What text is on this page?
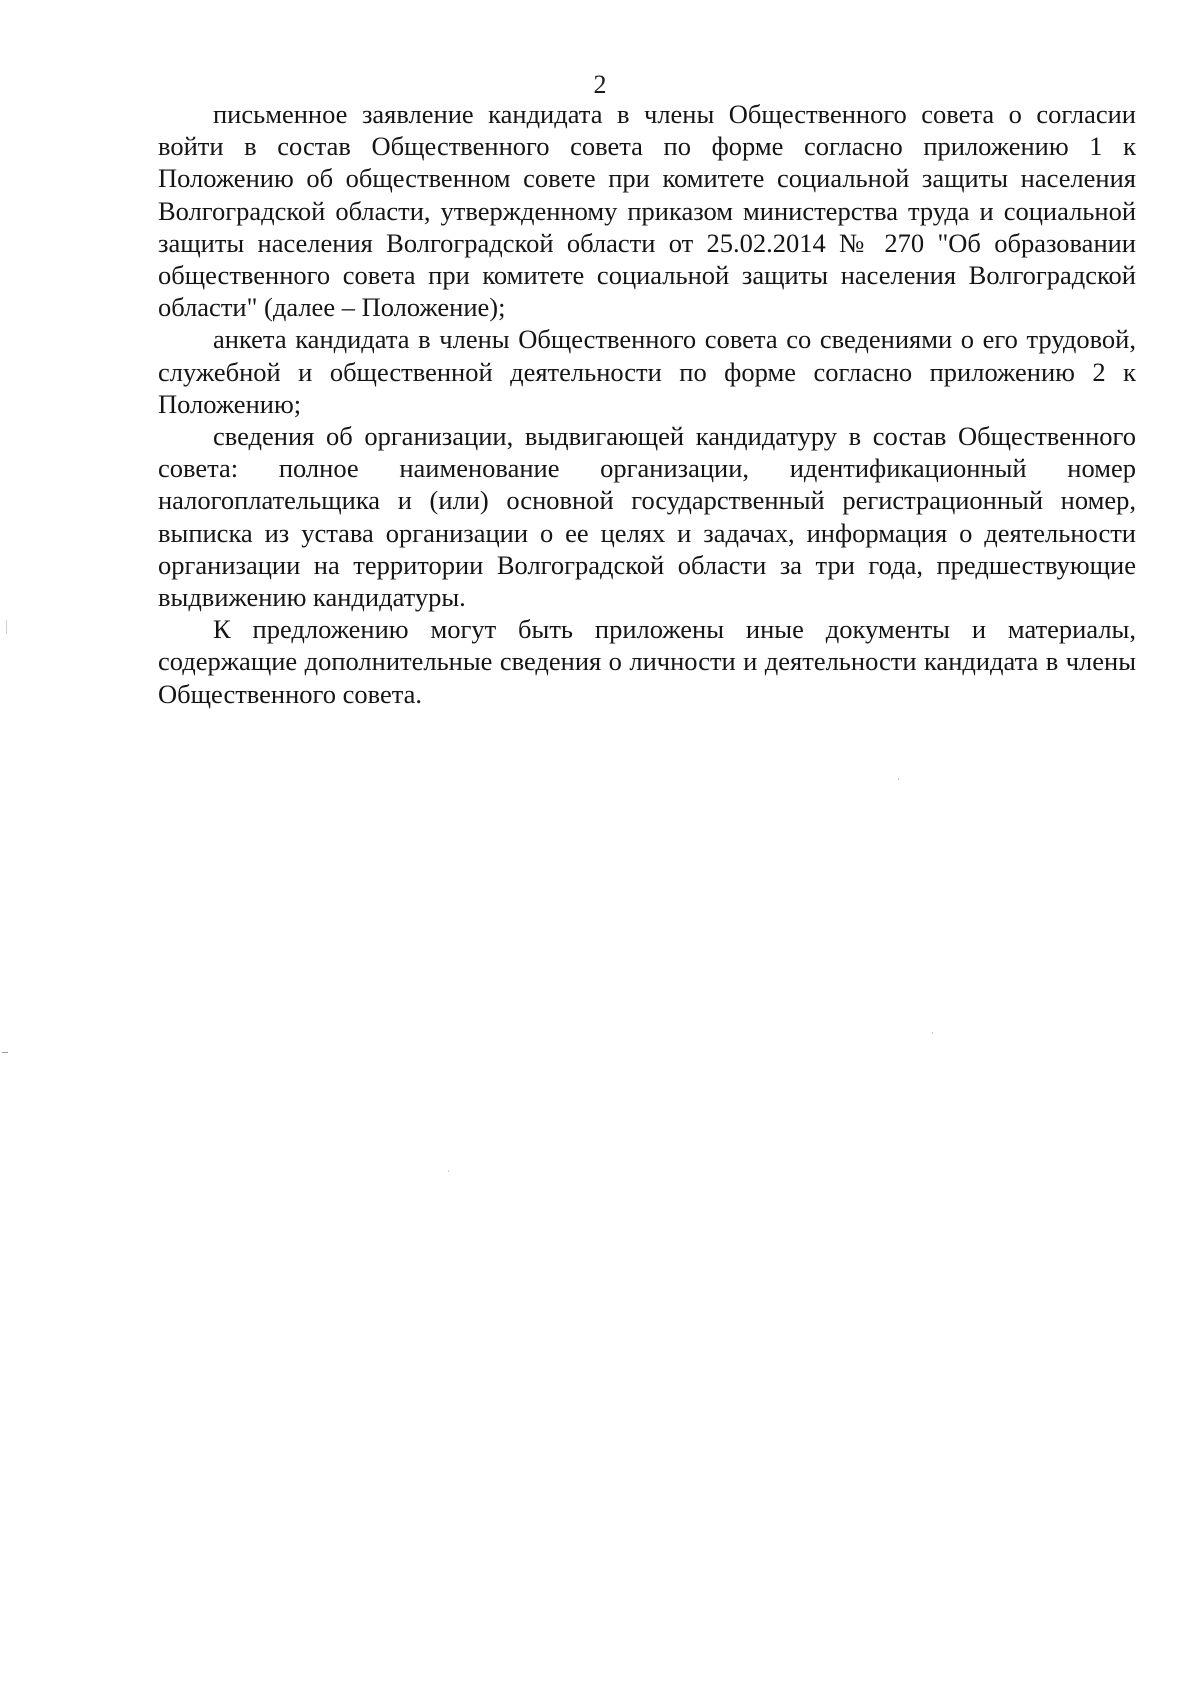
2

письменное заявление кандидата в члены Общественного совета о согласии войти в состав Общественного совета по форме согласно приложению 1 к Положению об общественном совете при комитете социальной защиты населения Волгоградской области, утвержденному приказом министерства труда и социальной защиты населения Волгоградской области от 25.02.2014 № 270 "Об образовании общественного совета при комитете социальной защиты населения Волгоградской области" (далее – Положение);

анкета кандидата в члены Общественного совета со сведениями о его трудовой, служебной и общественной деятельности по форме согласно приложению 2 к Положению;

сведения об организации, выдвигающей кандидатуру в состав Общественного совета: полное наименование организации, идентификационный номер налогоплательщика и (или) основной государственный регистрационный номер, выписка из устава организации о ее целях и задачах, информация о деятельности организации на территории Волгоградской области за три года, предшествующие выдвижению кандидатуры.

К предложению могут быть приложены иные документы и материалы, содержащие дополнительные сведения о личности и деятельности кандидата в члены Общественного совета.
